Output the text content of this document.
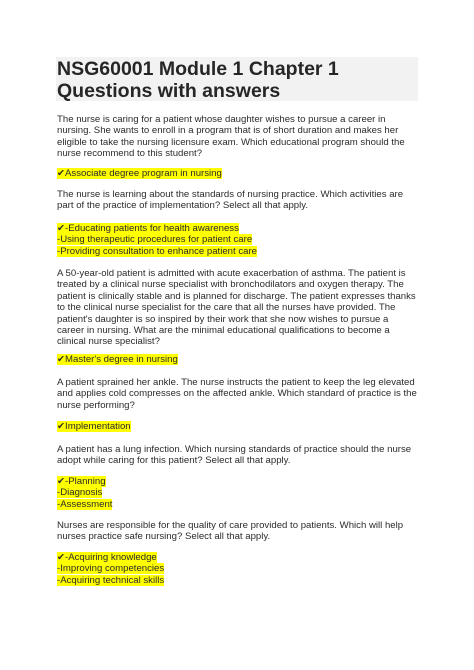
NSG60001 Module 1 Chapter 1
Questions with answers
The nurse is caring for a patient whose daughter wishes to pursue a career in
nursing. She wants to enroll in a program that is of short duration and makes her
eligible to take the nursing licensure exam. Which educational program should the
nurse recommend to this student?
✔Associate degree program in nursing
The nurse is learning about the standards of nursing practice. Which activities are
part of the practice of implementation? Select all that apply.
✔-Educating patients for health awareness
-Using therapeutic procedures for patient care
-Providing consultation to enhance patient care
A 50-year-old patient is admitted with acute exacerbation of asthma. The patient is
treated by a clinical nurse specialist with bronchodilators and oxygen therapy. The
patient is clinically stable and is planned for discharge. The patient expresses thanks
to the clinical nurse specialist for the care that all the nurses have provided. The
patient's daughter is so inspired by their work that she now wishes to pursue a
career in nursing. What are the minimal educational qualifications to become a
clinical nurse specialist?
✔Master's degree in nursing
A patient sprained her ankle. The nurse instructs the patient to keep the leg elevated
and applies cold compresses on the affected ankle. Which standard of practice is the
nurse performing?
✔Implementation
A patient has a lung infection. Which nursing standards of practice should the nurse
adopt while caring for this patient? Select all that apply.
✔-Planning
-Diagnosis
-Assessment
Nurses are responsible for the quality of care provided to patients. Which will help
nurses practice safe nursing? Select all that apply.
✔-Acquiring knowledge
-Improving competencies
-Acquiring technical skills
